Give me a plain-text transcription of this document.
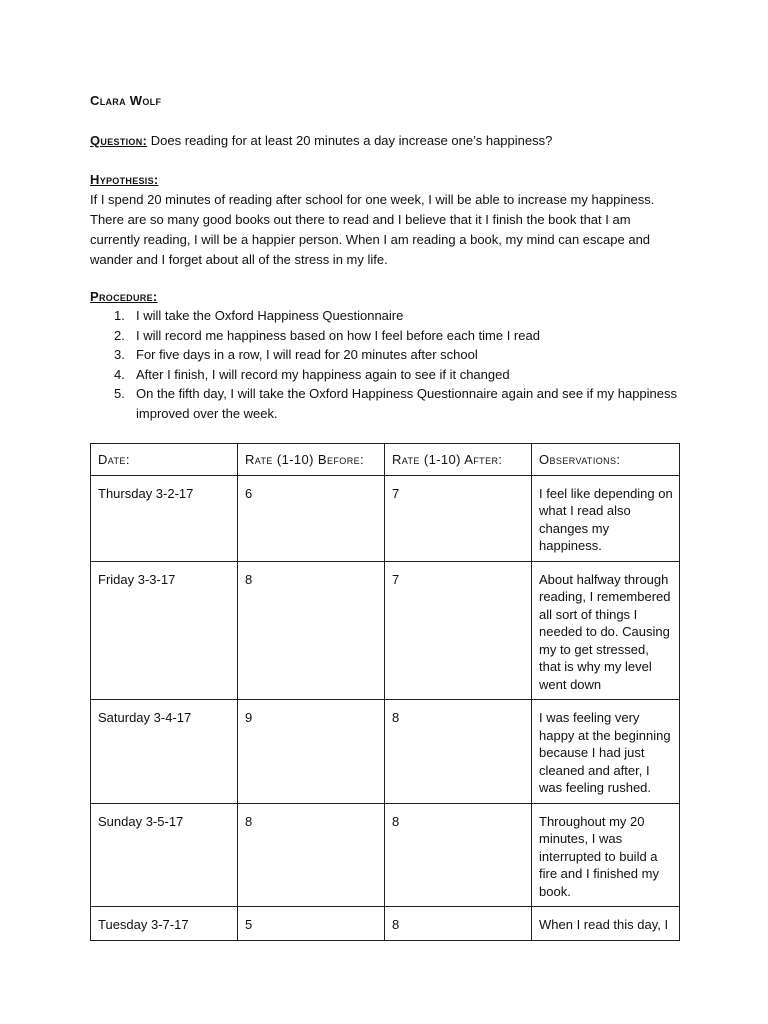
Clara Wolf
Question: Does reading for at least 20 minutes a day increase one’s happiness?
Hypothesis:
If I spend 20 minutes of reading after school for one week, I will be able to increase my happiness. There are so many good books out there to read and I believe that it I finish the book that I am currently reading, I will be a happier person. When I am reading a book, my mind can escape and wander and I forget about all of the stress in my life.
Procedure:
1. I will take the Oxford Happiness Questionnaire
2. I will record me happiness based on how I feel before each time I read
3. For five days in a row, I will read for 20 minutes after school
4. After I finish, I will record my happiness again to see if it changed
5. On the fifth day, I will take the Oxford Happiness Questionnaire again and see if my happiness improved over the week.
Date:	Rate (1-10) Before:	Rate (1-10) After:	Observations:
Thursday 3-2-17	6	7	I feel like depending on what I read also changes my happiness.
Friday 3-3-17	8	7	About halfway through reading, I remembered all sort of things I needed to do. Causing my to get stressed, that is why my level went down
Saturday 3-4-17	9	8	I was feeling very happy at the beginning because I had just cleaned and after, I was feeling rushed.
Sunday 3-5-17	8	8	Throughout my 20 minutes, I was interrupted to build a fire and I finished my book.
Tuesday 3-7-17	5	8	When I read this day, I
